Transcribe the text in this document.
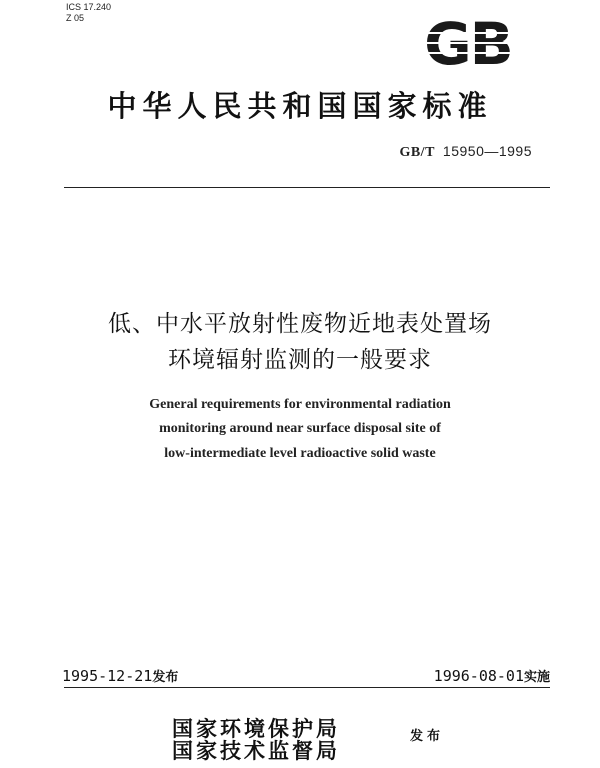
ICS 17.240
Z 05
中华人民共和国国家标准
GB/T 15950—1995
低、中水平放射性废物近地表处置场
环境辐射监测的一般要求
General requirements for environmental radiation
monitoring around near surface disposal site of
low-intermediate level radioactive solid waste
1995-12-21发布	1996-08-01实施
国家环境保护局
国家技术监督局
发布
